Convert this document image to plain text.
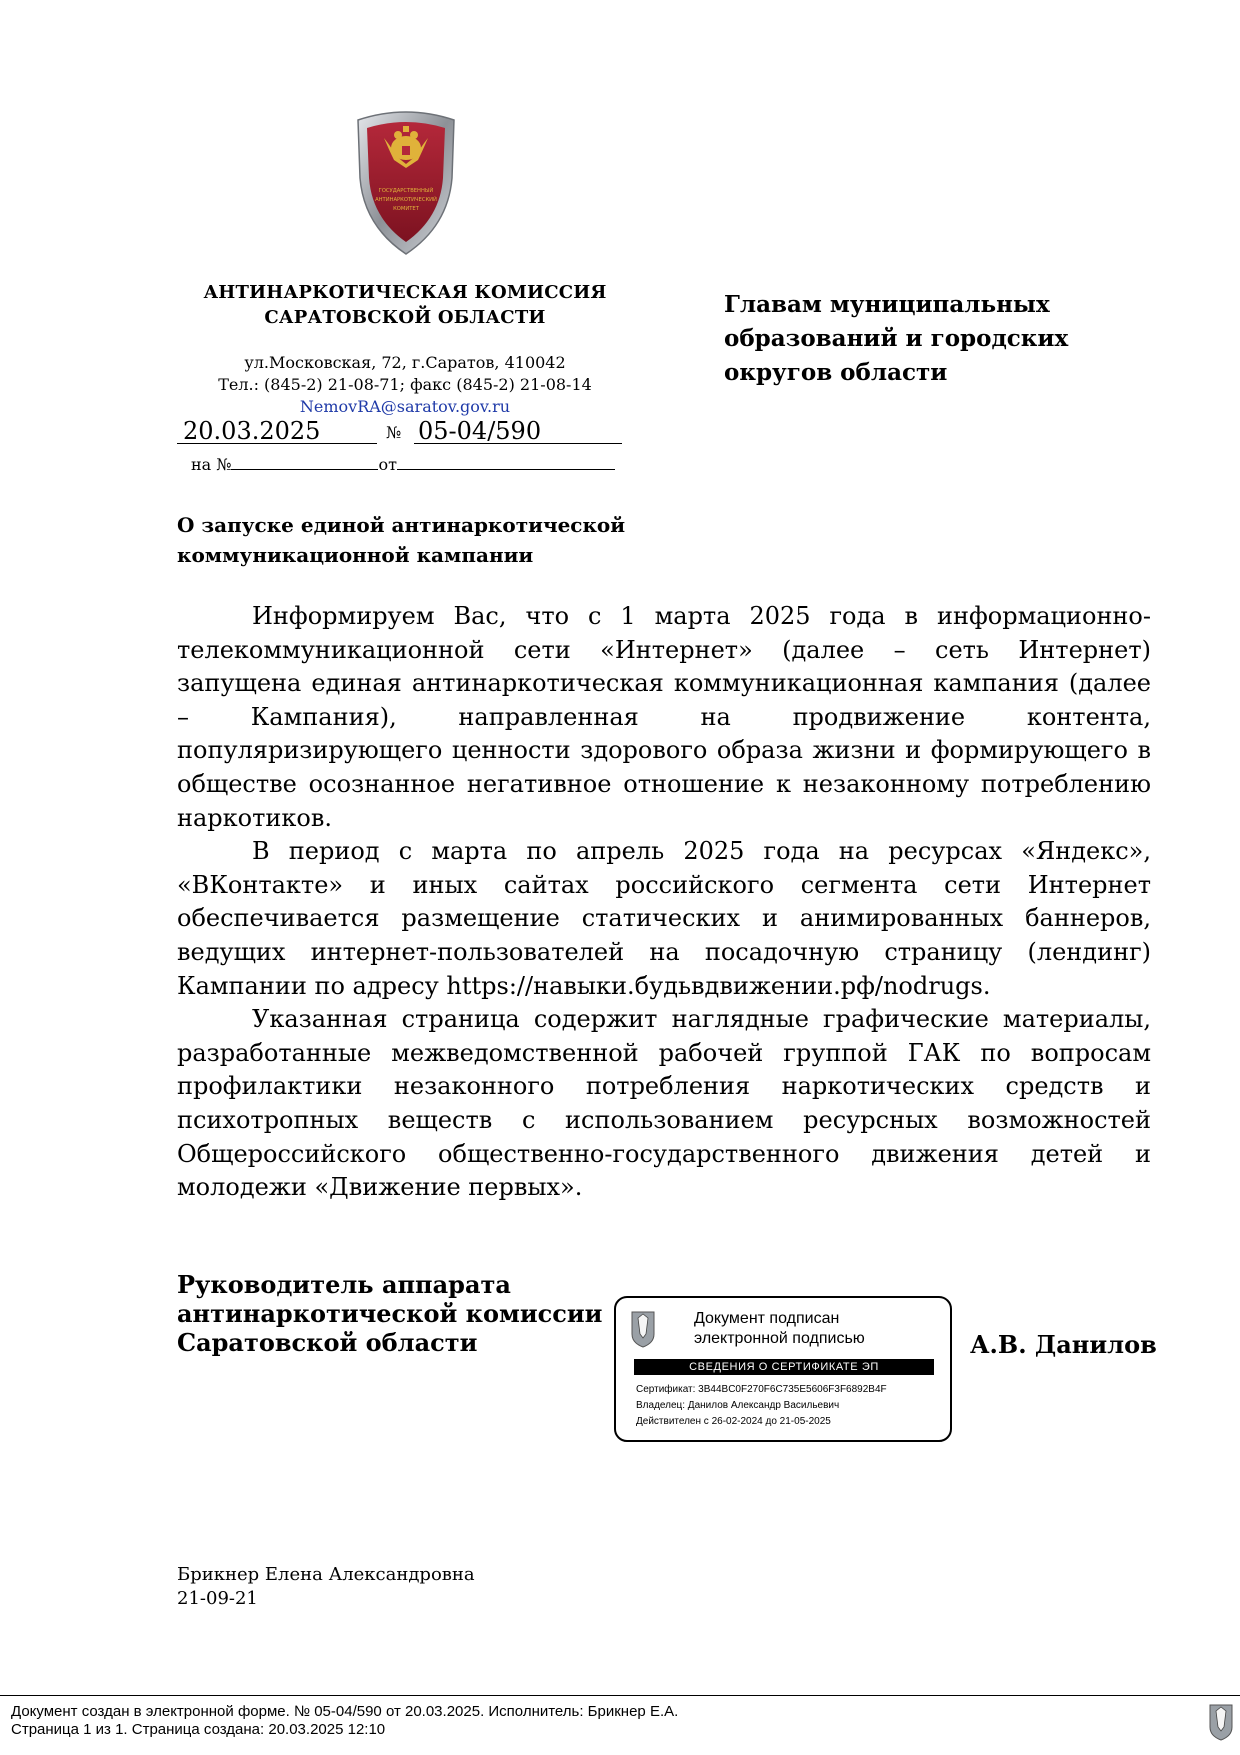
ГОСУДАРСТВЕННЫЙ
АНТИНАРКОТИЧЕСКИЙ
КОМИТЕТ
АНТИНАРКОТИЧЕСКАЯ КОМИССИЯ
САРАТОВСКОЙ ОБЛАСТИ
ул.Московская, 72, г.Саратов, 410042
Тел.: (845-2) 21-08-71; факс (845-2) 21-08-14
NemovRA@saratov.gov.ru
20.03.2025	№ 05-04/590
на №	от
Главам муниципальных
образований и городских
округов области
О запуске единой антинаркотической
коммуникационной кампании

Информируем Вас, что с 1 марта 2025 года в информационно-телекоммуникационной сети «Интернет» (далее – сеть Интернет) запущена единая антинаркотическая коммуникационная кампания (далее – Кампания), направленная на продвижение контента, популяризирующего ценности здорового образа жизни и формирующего в обществе осознанное негативное отношение к незаконному потреблению наркотиков.

В период с марта по апрель 2025 года на ресурсах «Яндекс», «ВКонтакте» и иных сайтах российского сегмента сети Интернет обеспечивается размещение статических и анимированных баннеров, ведущих интернет-пользователей на посадочную страницу (лендинг) Кампании по адресу https://навыки.будьвдвижении.рф/nodrugs.

Указанная страница содержит наглядные графические материалы, разработанные межведомственной рабочей группой ГАК по вопросам профилактики незаконного потребления наркотических средств и психотропных веществ с использованием ресурсных возможностей Общероссийского общественно-государственного движения детей и молодежи «Движение первых».

Руководитель аппарата
антинаркотической комиссии
Саратовской области
Документ подписан
электронной подписью
СВЕДЕНИЯ О СЕРТИФИКАТЕ ЭП
Сертификат: 3B44BC0F270F6C735E5606F3F6892B4F
Владелец: Данилов Александр Васильевич
Действителен с 26-02-2024 до 21-05-2025
А.В. Данилов
Брикнер Елена Александровна
21-09-21
Документ создан в электронной форме. № 05-04/590 от 20.03.2025. Исполнитель: Брикнер Е.А.
Страница 1 из 1. Страница создана: 20.03.2025 12:10
